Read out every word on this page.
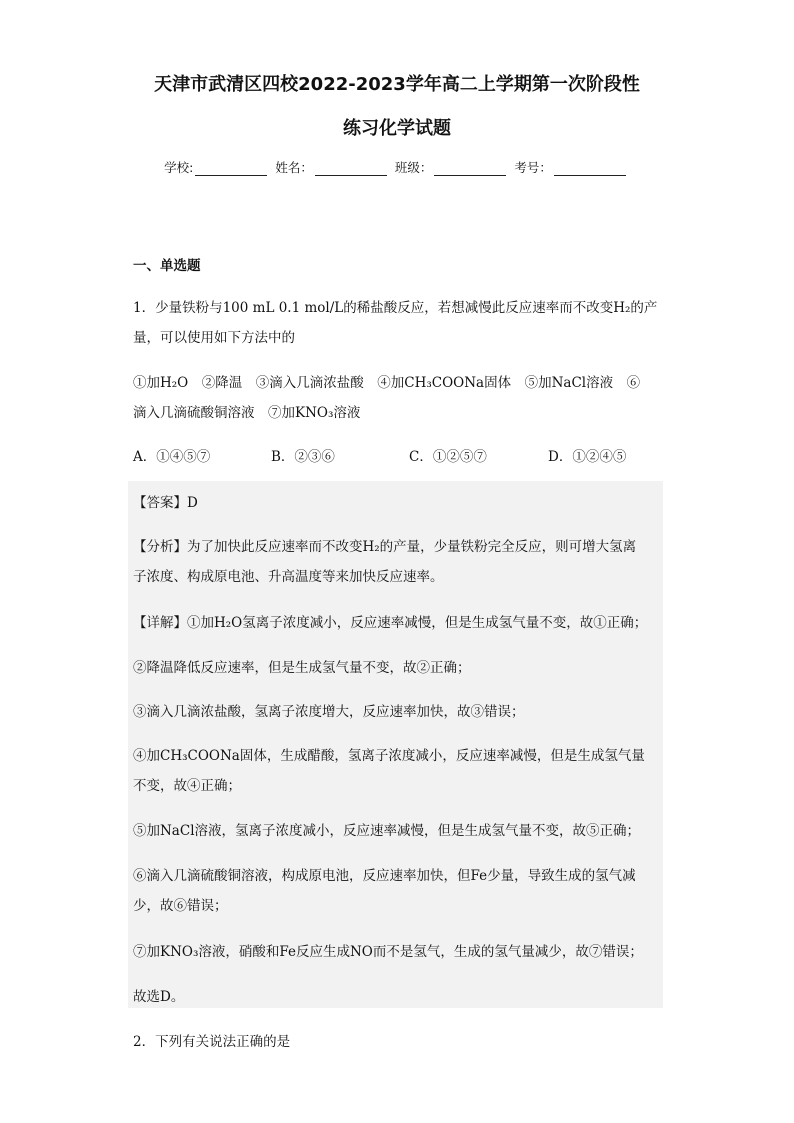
天津市武清区四校2022-2023学年高二上学期第一次阶段性
练习化学试题
学校:	姓名：	班级：	考号：
一、单选题
1．少量铁粉与100 mL 0.1 mol/L的稀盐酸反应，若想减慢此反应速率而不改变H₂的产
量，可以使用如下方法中的
①加H₂O　②降温　③滴入几滴浓盐酸　④加CH₃COONa固体　⑤加NaCl溶液　⑥
滴入几滴硫酸铜溶液　⑦加KNO₃溶液
A．①④⑤⑦	B．②③⑥	C．①②⑤⑦	D．①②④⑤
【答案】D
【分析】为了加快此反应速率而不改变H₂的产量，少量铁粉完全反应，则可增大氢离
子浓度、构成原电池、升高温度等来加快反应速率。
【详解】①加H₂O氢离子浓度减小，反应速率减慢，但是生成氢气量不变，故①正确；
②降温降低反应速率，但是生成氢气量不变，故②正确；
③滴入几滴浓盐酸，氢离子浓度增大，反应速率加快，故③错误；
④加CH₃COONa固体，生成醋酸，氢离子浓度减小，反应速率减慢，但是生成氢气量
不变，故④正确；
⑤加NaCl溶液，氢离子浓度减小，反应速率减慢，但是生成氢气量不变，故⑤正确；
⑥滴入几滴硫酸铜溶液，构成原电池，反应速率加快，但Fe少量，导致生成的氢气减
少，故⑥错误；
⑦加KNO₃溶液，硝酸和Fe反应生成NO而不是氢气，生成的氢气量减少，故⑦错误；
故选D。
2．下列有关说法正确的是
